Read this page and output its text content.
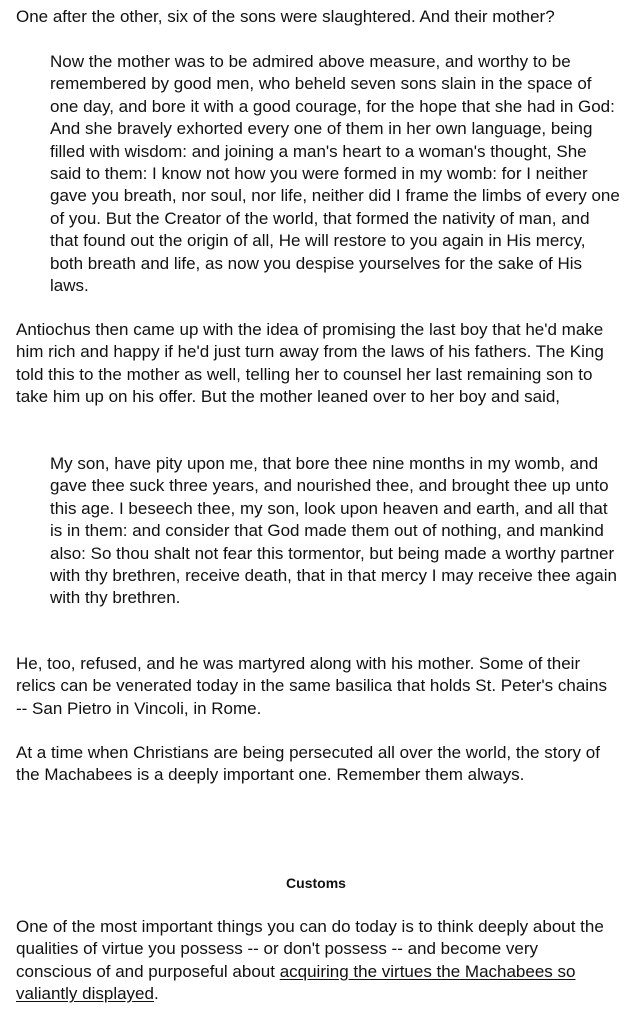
One after the other, six of the sons were slaughtered. And their mother?

Now the mother was to be admired above measure, and worthy to be remembered by good men, who beheld seven sons slain in the space of one day, and bore it with a good courage, for the hope that she had in God: And she bravely exhorted every one of them in her own language, being filled with wisdom: and joining a man's heart to a woman's thought, She said to them: I know not how you were formed in my womb: for I neither gave you breath, nor soul, nor life, neither did I frame the limbs of every one of you. But the Creator of the world, that formed the nativity of man, and that found out the origin of all, He will restore to you again in His mercy, both breath and life, as now you despise yourselves for the sake of His laws.

Antiochus then came up with the idea of promising the last boy that he'd make him rich and happy if he'd just turn away from the laws of his fathers. The King told this to the mother as well, telling her to counsel her last remaining son to take him up on his offer. But the mother leaned over to her boy and said,

My son, have pity upon me, that bore thee nine months in my womb, and gave thee suck three years, and nourished thee, and brought thee up unto this age. I beseech thee, my son, look upon heaven and earth, and all that is in them: and consider that God made them out of nothing, and mankind also: So thou shalt not fear this tormentor, but being made a worthy partner with thy brethren, receive death, that in that mercy I may receive thee again with thy brethren.

He, too, refused, and he was martyred along with his mother. Some of their relics can be venerated today in the same basilica that holds St. Peter's chains -- San Pietro in Vincoli, in Rome.

At a time when Christians are being persecuted all over the world, the story of the Machabees is a deeply important one. Remember them always.

Customs

One of the most important things you can do today is to think deeply about the qualities of virtue you possess -- or don't possess -- and become very conscious of and purposeful about acquiring the virtues the Machabees so valiantly displayed.
